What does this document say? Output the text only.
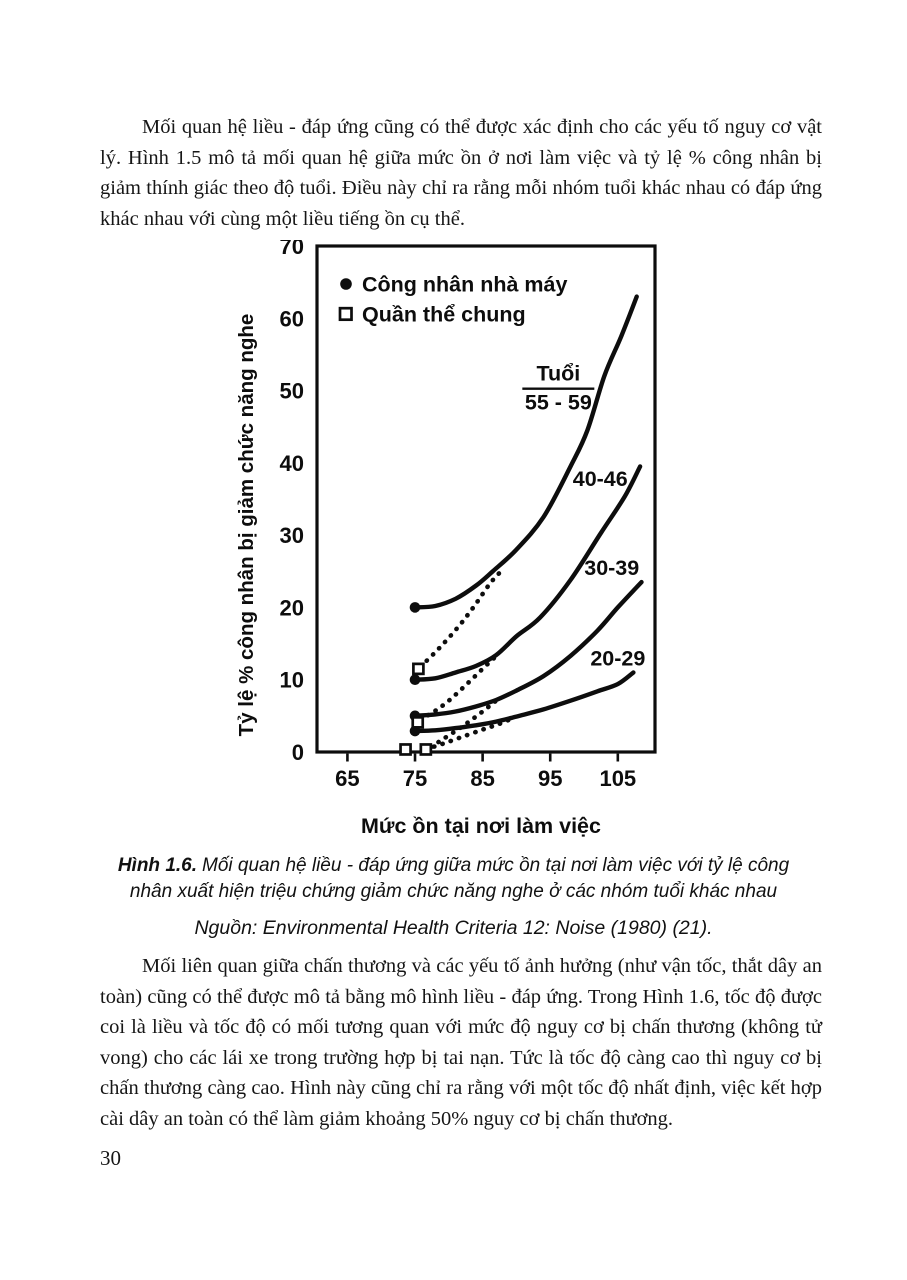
Mối quan hệ liều - đáp ứng cũng có thể được xác định cho các yếu tố nguy cơ vật lý. Hình 1.5 mô tả mối quan hệ giữa mức ồn ở nơi làm việc và tỷ lệ % công nhân bị giảm thính giác theo độ tuổi. Điều này chỉ ra rằng mỗi nhóm tuổi khác nhau có đáp ứng khác nhau với cùng một liều tiếng ồn cụ thể.

65 75 85 95 105
0
10
20
30
40
50
60
70
40-46
30-39
20-29
Công nhân nhà máy
Quần thể chung
Tuổi
55 - 59
Mức ồn tại nơi làm việc
Tỷ lệ % công nhân bị giảm chức năng nghe
Hình 1.6. Mối quan hệ liều - đáp ứng giữa mức ồn tại nơi làm việc với tỷ lệ công nhân xuất hiện triệu chứng giảm chức năng nghe ở các nhóm tuổi khác nhau
Nguồn: Environmental Health Criteria 12: Noise (1980) (21).

Mối liên quan giữa chấn thương và các yếu tố ảnh hưởng (như vận tốc, thắt dây an toàn) cũng có thể được mô tả bằng mô hình liều - đáp ứng. Trong Hình 1.6, tốc độ được coi là liều và tốc độ có mối tương quan với mức độ nguy cơ bị chấn thương (không tử vong) cho các lái xe trong trường hợp bị tai nạn. Tức là tốc độ càng cao thì nguy cơ bị chấn thương càng cao. Hình này cũng chỉ ra rằng với một tốc độ nhất định, việc kết hợp cài dây an toàn có thể làm giảm khoảng 50% nguy cơ bị chấn thương.

30
